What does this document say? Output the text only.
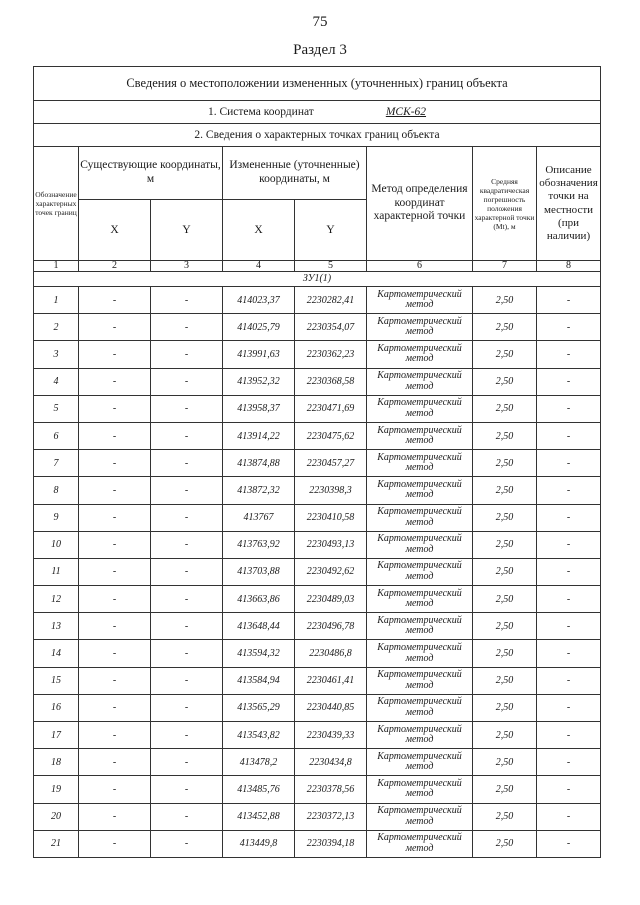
75
Раздел 3
Сведения о местоположении измененных (уточненных) границ объекта							
1. Система координат МСК-62							
2. Сведения о характерных точках границ объекта							
Обозначение характерных точек границ	Существующие координаты, м		Измененные (уточненные) координаты, м		Метод определения координат характерной точки	Средняя квадратическая погрешность положения характерной точки (Mt), м	Описание обозначения точки на местности (при наличии)
	X	Y	X	Y			
1	2	3	4	5	6	7	8
ЗУ1(1)							
1	-	-	414023,37	2230282,41	Картометрический метод	2,50	-
2	-	-	414025,79	2230354,07	Картометрический метод	2,50	-
3	-	-	413991,63	2230362,23	Картометрический метод	2,50	-
4	-	-	413952,32	2230368,58	Картометрический метод	2,50	-
5	-	-	413958,37	2230471,69	Картометрический метод	2,50	-
6	-	-	413914,22	2230475,62	Картометрический метод	2,50	-
7	-	-	413874,88	2230457,27	Картометрический метод	2,50	-
8	-	-	413872,32	2230398,3	Картометрический метод	2,50	-
9	-	-	413767	2230410,58	Картометрический метод	2,50	-
10	-	-	413763,92	2230493,13	Картометрический метод	2,50	-
11	-	-	413703,88	2230492,62	Картометрический метод	2,50	-
12	-	-	413663,86	2230489,03	Картометрический метод	2,50	-
13	-	-	413648,44	2230496,78	Картометрический метод	2,50	-
14	-	-	413594,32	2230486,8	Картометрический метод	2,50	-
15	-	-	413584,94	2230461,41	Картометрический метод	2,50	-
16	-	-	413565,29	2230440,85	Картометрический метод	2,50	-
17	-	-	413543,82	2230439,33	Картометрический метод	2,50	-
18	-	-	413478,2	2230434,8	Картометрический метод	2,50	-
19	-	-	413485,76	2230378,56	Картометрический метод	2,50	-
20	-	-	413452,88	2230372,13	Картометрический метод	2,50	-
21	-	-	413449,8	2230394,18	Картометрический метод	2,50	-
